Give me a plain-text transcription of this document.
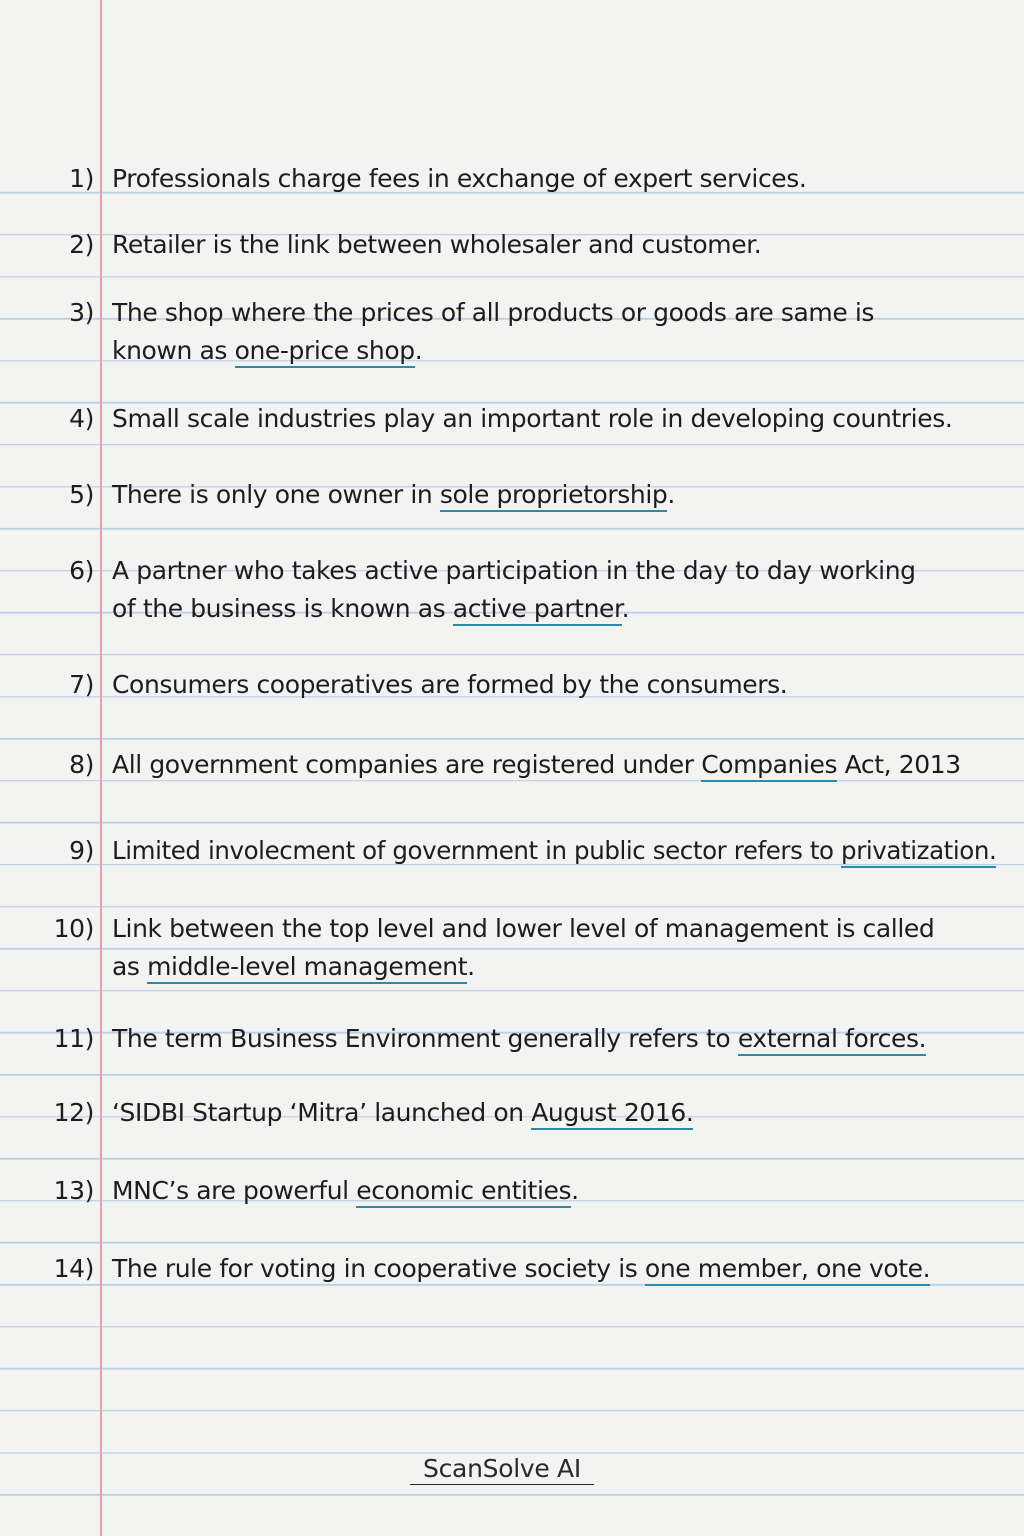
1) Professionals charge fees in exchange of expert services.
2) Retailer is the link between wholesaler and customer.
3) The shop where the prices of all products or goods are same is
known as one-price shop.
4) Small scale industries play an important role in developing countries.
5) There is only one owner in sole proprietorship.
6) A partner who takes active participation in the day to day working
of the business is known as active partner.
7) Consumers cooperatives are formed by the consumers.
8) All government companies are registered under Companies Act, 2013
9) Limited involecment of government in public sector refers to privatization.
10) Link between the top level and lower level of management is called
as middle-level management.
11) The term Business Environment generally refers to external forces.
12) ‘SIDBI Startup ‘Mitra’ launched on August 2016.
13) MNC’s are powerful economic entities.
14) The rule for voting in cooperative society is one member, one vote.
ScanSolve AI
